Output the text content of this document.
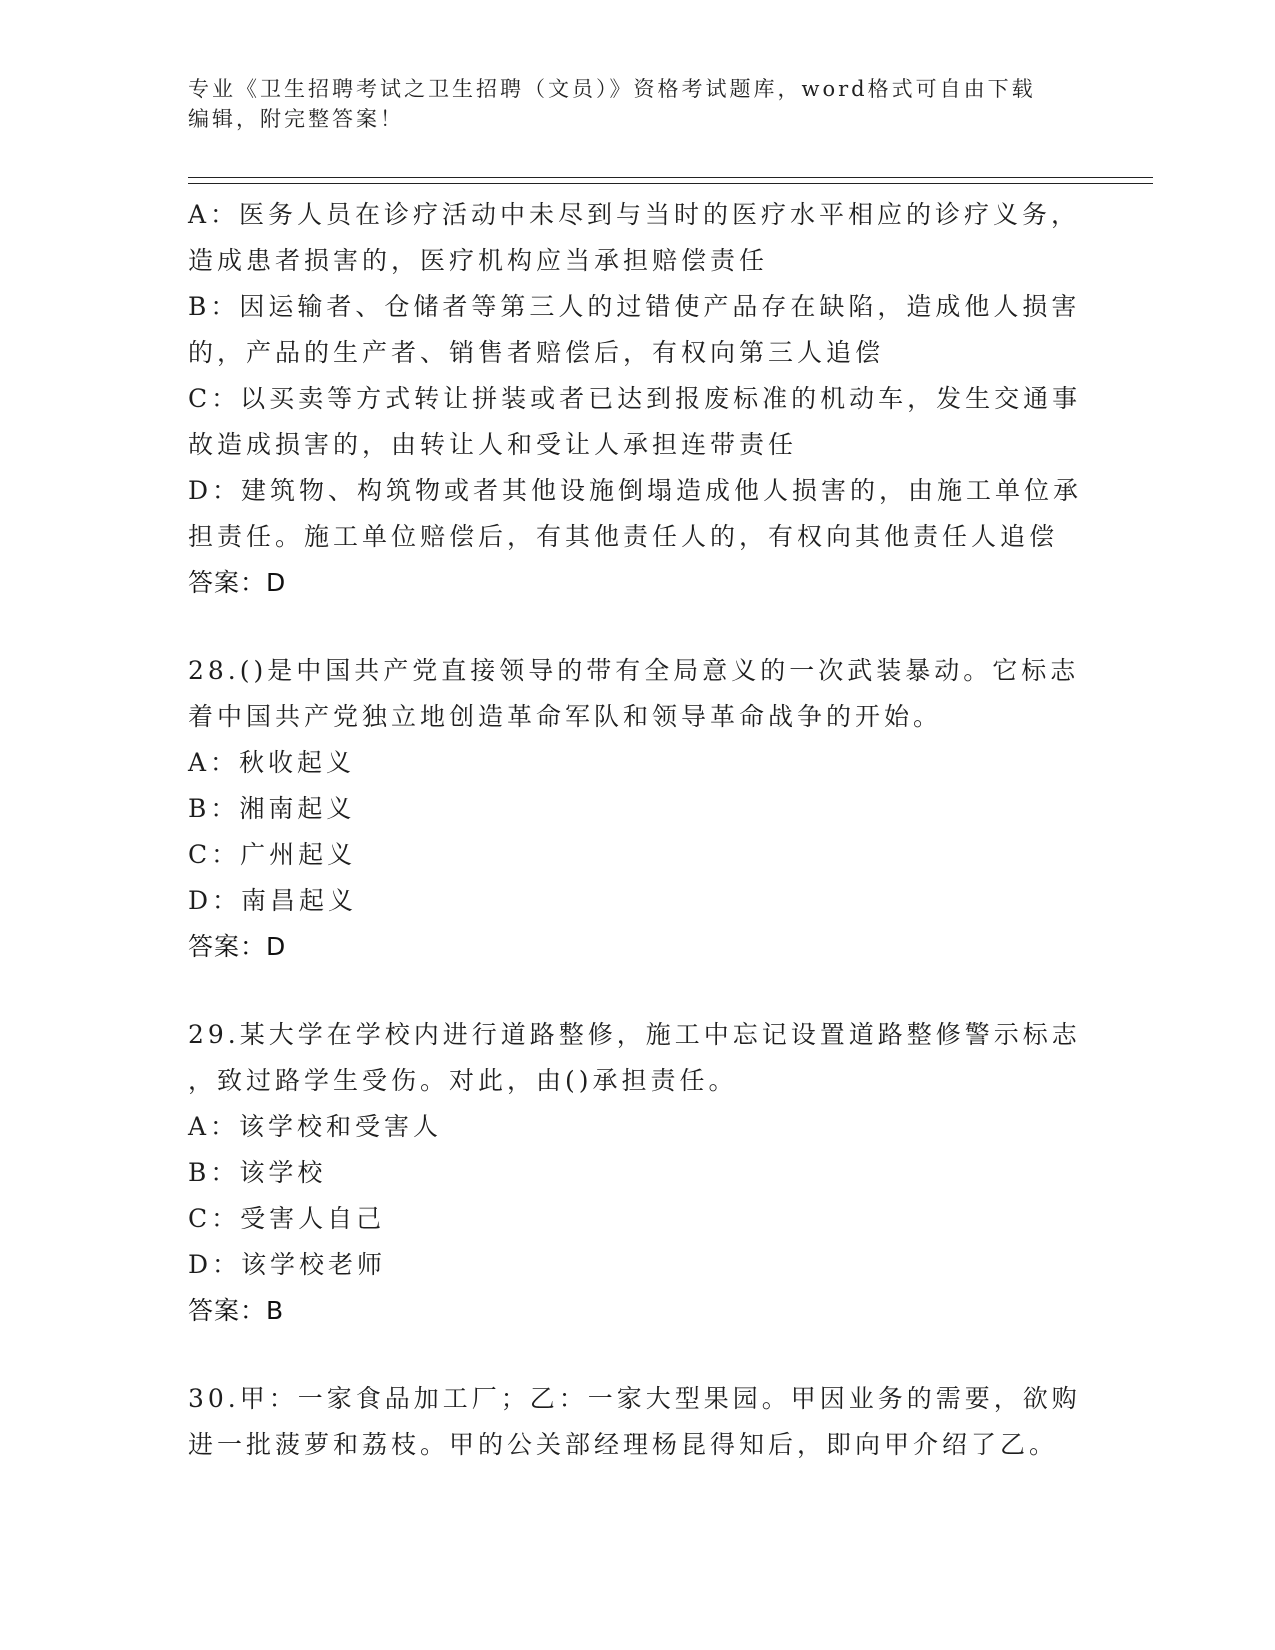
专业《卫生招聘考试之卫生招聘（文员）》资格考试题库，word格式可自由下载
编辑，附完整答案！
A：医务人员在诊疗活动中未尽到与当时的医疗水平相应的诊疗义务，
造成患者损害的，医疗机构应当承担赔偿责任
B：因运输者、仓储者等第三人的过错使产品存在缺陷，造成他人损害
的，产品的生产者、销售者赔偿后，有权向第三人追偿
C：以买卖等方式转让拼装或者已达到报废标准的机动车，发生交通事
故造成损害的，由转让人和受让人承担连带责任
D：建筑物、构筑物或者其他设施倒塌造成他人损害的，由施工单位承
担责任。施工单位赔偿后，有其他责任人的，有权向其他责任人追偿
答案：D
28.()是中国共产党直接领导的带有全局意义的一次武装暴动。它标志
着中国共产党独立地创造革命军队和领导革命战争的开始。
A：秋收起义
B：湘南起义
C：广州起义
D：南昌起义
答案：D
29.某大学在学校内进行道路整修，施工中忘记设置道路整修警示标志
，致过路学生受伤。对此，由()承担责任。
A：该学校和受害人
B：该学校
C：受害人自己
D：该学校老师
答案：B
30.甲：一家食品加工厂；乙：一家大型果园。甲因业务的需要，欲购
进一批菠萝和荔枝。甲的公关部经理杨昆得知后，即向甲介绍了乙。
